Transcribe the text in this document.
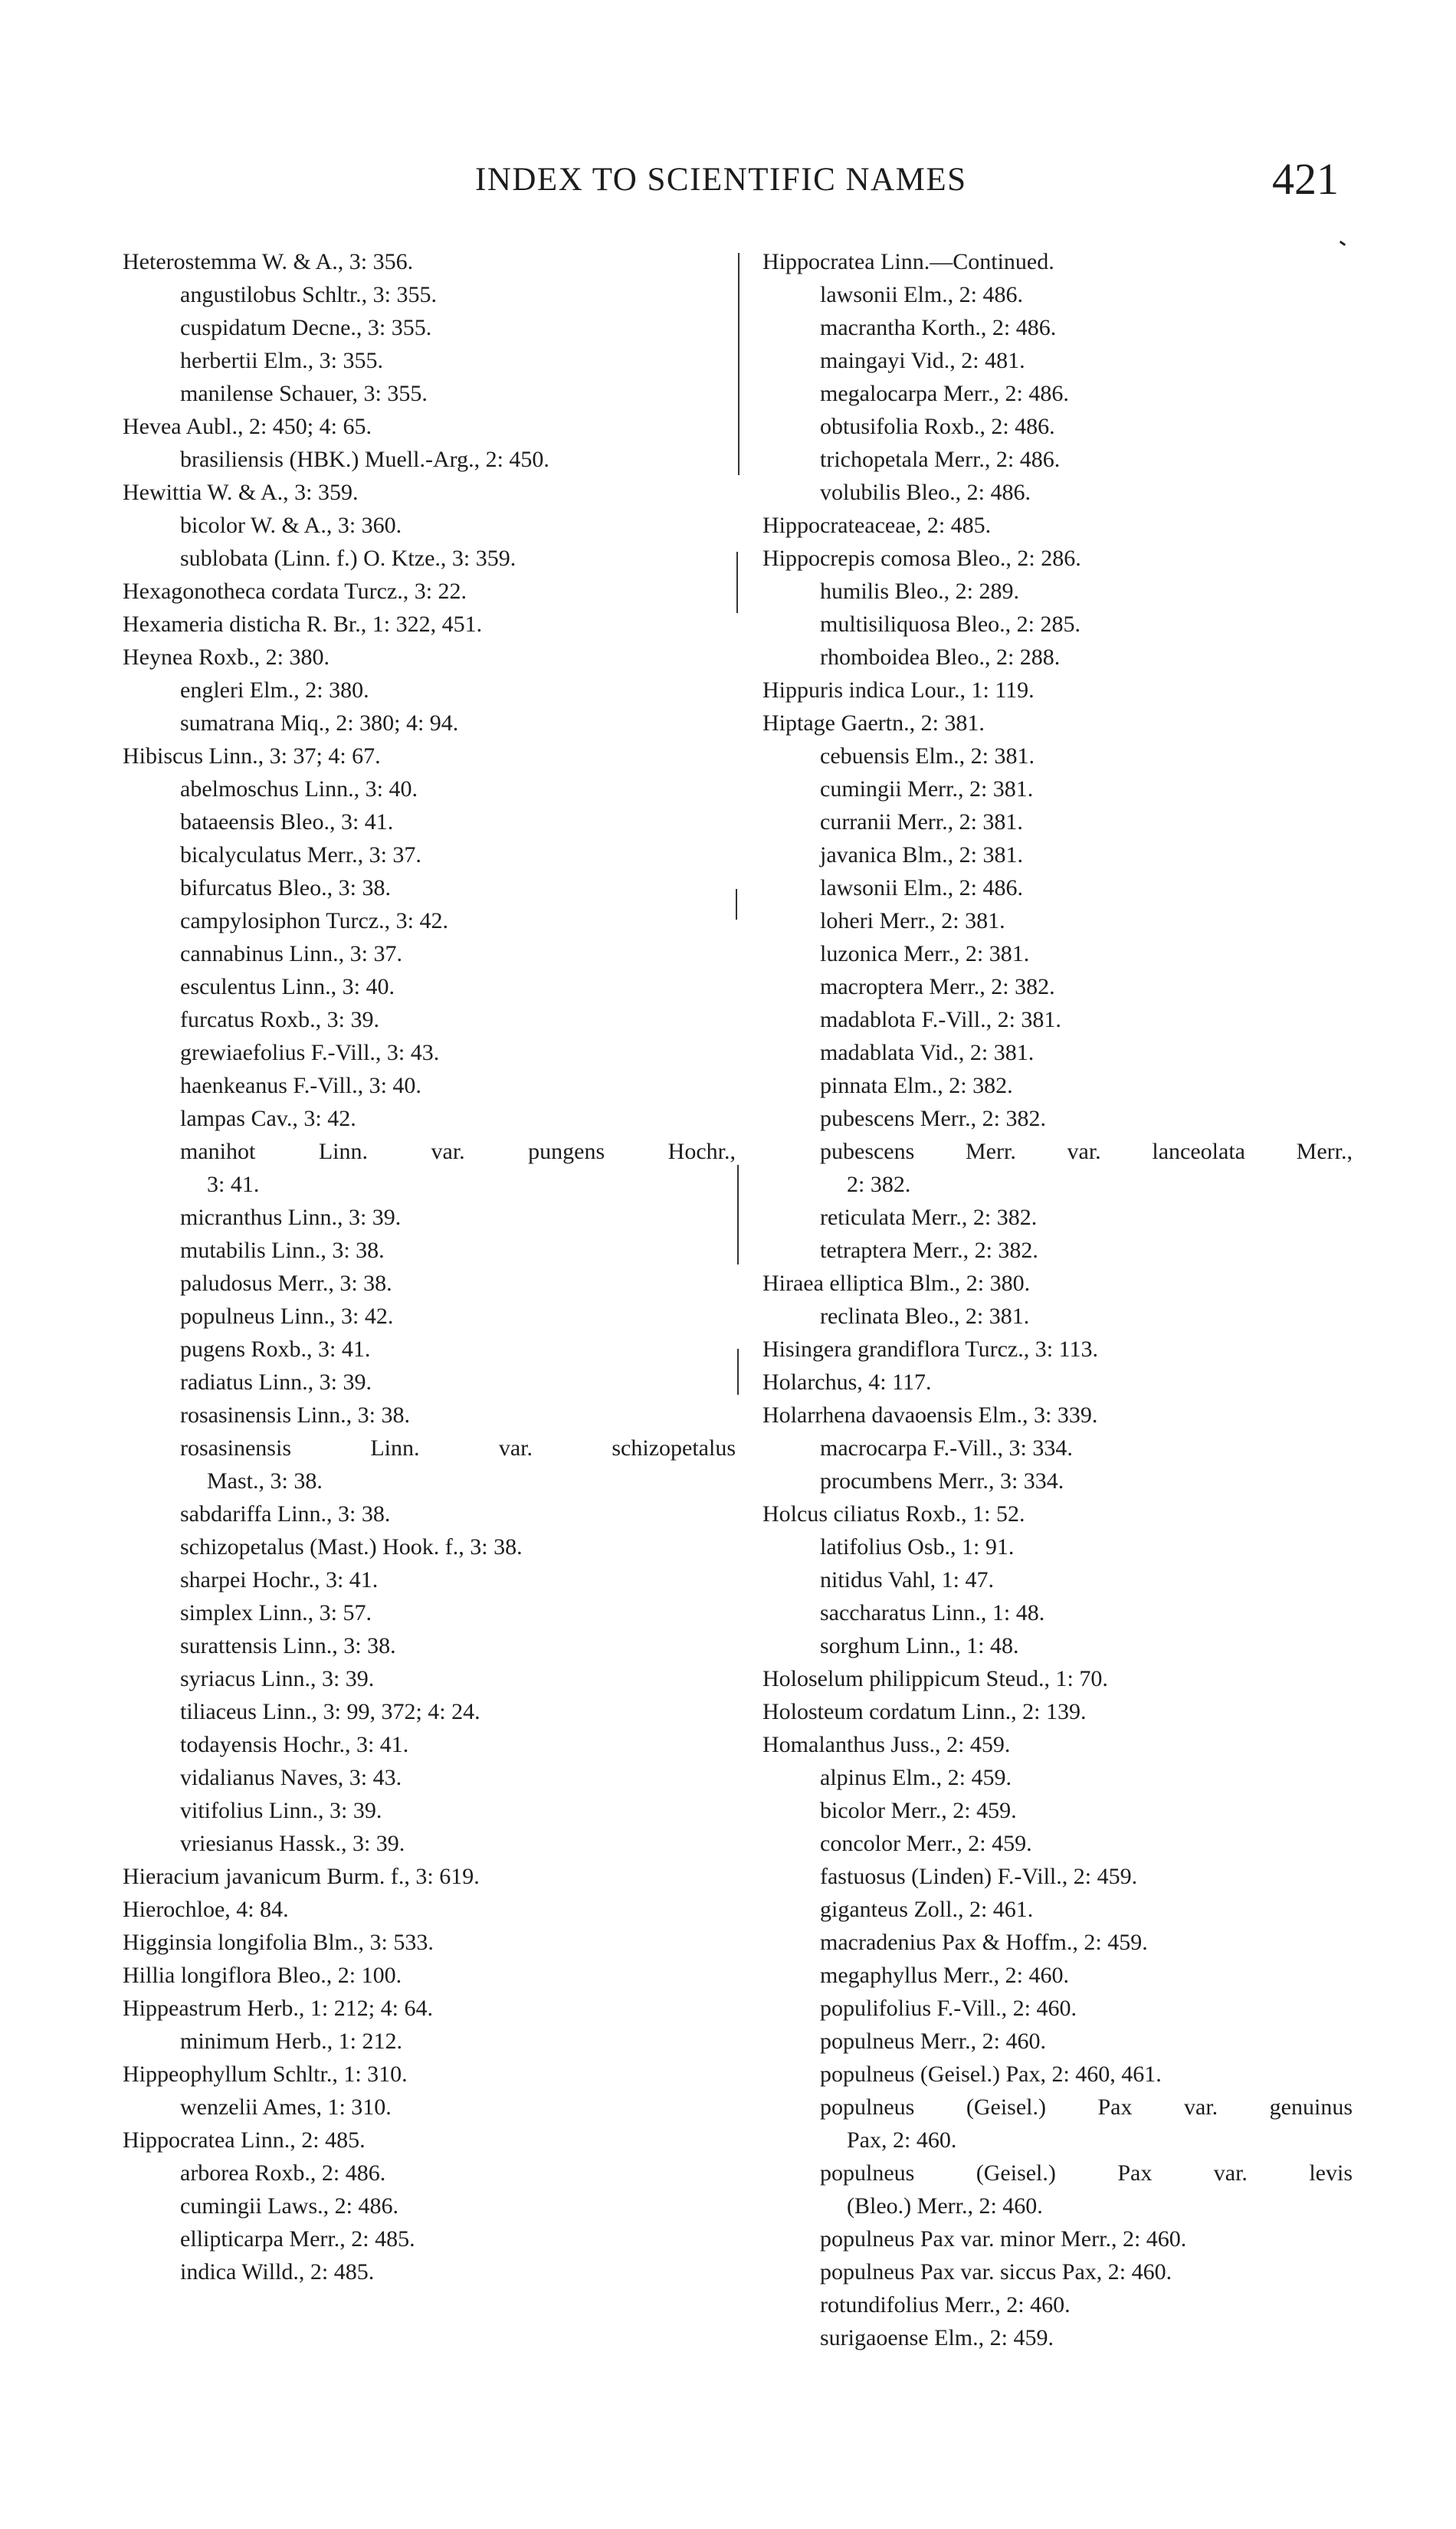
INDEX TO SCIENTIFIC NAMES	421
Heterostemma W. & A., 3: 356.
angustilobus Schltr., 3: 355.
cuspidatum Decne., 3: 355.
herbertii Elm., 3: 355.
manilense Schauer, 3: 355.
Hevea Aubl., 2: 450; 4: 65.
brasiliensis (HBK.) Muell.-Arg., 2: 450.
Hewittia W. & A., 3: 359.
bicolor W. & A., 3: 360.
sublobata (Linn. f.) O. Ktze., 3: 359.
Hexagonotheca cordata Turcz., 3: 22.
Hexameria disticha R. Br., 1: 322, 451.
Heynea Roxb., 2: 380.
engleri Elm., 2: 380.
sumatrana Miq., 2: 380; 4: 94.
Hibiscus Linn., 3: 37; 4: 67.
abelmoschus Linn., 3: 40.
bataeensis Bleo., 3: 41.
bicalyculatus Merr., 3: 37.
bifurcatus Bleo., 3: 38.
campylosiphon Turcz., 3: 42.
cannabinus Linn., 3: 37.
esculentus Linn., 3: 40.
furcatus Roxb., 3: 39.
grewiaefolius F.-Vill., 3: 43.
haenkeanus F.-Vill., 3: 40.
lampas Cav., 3: 42.
manihot Linn. var. pungens Hochr.,
3: 41.
micranthus Linn., 3: 39.
mutabilis Linn., 3: 38.
paludosus Merr., 3: 38.
populneus Linn., 3: 42.
pugens Roxb., 3: 41.
radiatus Linn., 3: 39.
rosasinensis Linn., 3: 38.
rosasinensis Linn. var. schizopetalus
Mast., 3: 38.
sabdariffa Linn., 3: 38.
schizopetalus (Mast.) Hook. f., 3: 38.
sharpei Hochr., 3: 41.
simplex Linn., 3: 57.
surattensis Linn., 3: 38.
syriacus Linn., 3: 39.
tiliaceus Linn., 3: 99, 372; 4: 24.
todayensis Hochr., 3: 41.
vidalianus Naves, 3: 43.
vitifolius Linn., 3: 39.
vriesianus Hassk., 3: 39.
Hieracium javanicum Burm. f., 3: 619.
Hierochloe, 4: 84.
Higginsia longifolia Blm., 3: 533.
Hillia longiflora Bleo., 2: 100.
Hippeastrum Herb., 1: 212; 4: 64.
minimum Herb., 1: 212.
Hippeophyllum Schltr., 1: 310.
wenzelii Ames, 1: 310.
Hippocratea Linn., 2: 485.
arborea Roxb., 2: 486.
cumingii Laws., 2: 486.
ellipticarpa Merr., 2: 485.
indica Willd., 2: 485.
Hippocratea Linn.—Continued.
lawsonii Elm., 2: 486.
macrantha Korth., 2: 486.
maingayi Vid., 2: 481.
megalocarpa Merr., 2: 486.
obtusifolia Roxb., 2: 486.
trichopetala Merr., 2: 486.
volubilis Bleo., 2: 486.
Hippocrateaceae, 2: 485.
Hippocrepis comosa Bleo., 2: 286.
humilis Bleo., 2: 289.
multisiliquosa Bleo., 2: 285.
rhomboidea Bleo., 2: 288.
Hippuris indica Lour., 1: 119.
Hiptage Gaertn., 2: 381.
cebuensis Elm., 2: 381.
cumingii Merr., 2: 381.
curranii Merr., 2: 381.
javanica Blm., 2: 381.
lawsonii Elm., 2: 486.
loheri Merr., 2: 381.
luzonica Merr., 2: 381.
macroptera Merr., 2: 382.
madablota F.-Vill., 2: 381.
madablata Vid., 2: 381.
pinnata Elm., 2: 382.
pubescens Merr., 2: 382.
pubescens Merr. var. lanceolata Merr.,
2: 382.
reticulata Merr., 2: 382.
tetraptera Merr., 2: 382.
Hiraea elliptica Blm., 2: 380.
reclinata Bleo., 2: 381.
Hisingera grandiflora Turcz., 3: 113.
Holarchus, 4: 117.
Holarrhena davaoensis Elm., 3: 339.
macrocarpa F.-Vill., 3: 334.
procumbens Merr., 3: 334.
Holcus ciliatus Roxb., 1: 52.
latifolius Osb., 1: 91.
nitidus Vahl, 1: 47.
saccharatus Linn., 1: 48.
sorghum Linn., 1: 48.
Holoselum philippicum Steud., 1: 70.
Holosteum cordatum Linn., 2: 139.
Homalanthus Juss., 2: 459.
alpinus Elm., 2: 459.
bicolor Merr., 2: 459.
concolor Merr., 2: 459.
fastuosus (Linden) F.-Vill., 2: 459.
giganteus Zoll., 2: 461.
macradenius Pax & Hoffm., 2: 459.
megaphyllus Merr., 2: 460.
populifolius F.-Vill., 2: 460.
populneus Merr., 2: 460.
populneus (Geisel.) Pax, 2: 460, 461.
populneus (Geisel.) Pax var. genuinus
Pax, 2: 460.
populneus (Geisel.) Pax var. levis
(Bleo.) Merr., 2: 460.
populneus Pax var. minor Merr., 2: 460.
populneus Pax var. siccus Pax, 2: 460.
rotundifolius Merr., 2: 460.
surigaoense Elm., 2: 459.
